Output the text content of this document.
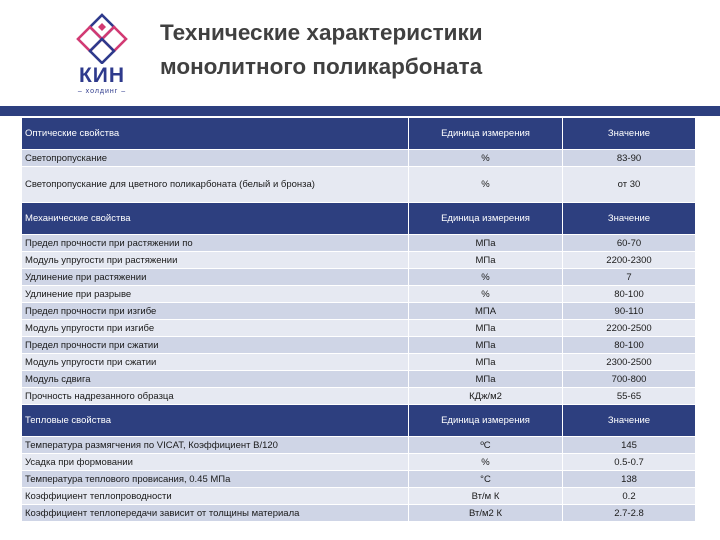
КИН
– холдинг –
Технические характеристики
монолитного поликарбоната
Оптические свойства	Единица измерения	Значение
Светопропускание	%	83-90
Светопропускание для цветного поликарбоната (белый и бронза)	%	от 30
Механические свойства	Единица измерения	Значение
Предел прочности при растяжении по	МПа	60-70
Модуль упругости при растяжении	МПа	2200-2300
Удлинение при растяжении	%	7
Удлинение при разрыве	%	80-100
Предел прочности при изгибе	МПА	90-110
Модуль упругости при изгибе	МПа	2200-2500
Предел прочности при сжатии	МПа	80-100
Модуль упругости при сжатии	МПа	2300-2500
Модуль сдвига	МПа	700-800
Прочность надрезанного образца	КДж/м2	55-65
Тепловые свойства	Единица измерения	Значение
Температура размягчения по VICAT, Коэффициент В/120	ºС	145
Усадка при формовании	%	0.5-0.7
Температура теплового провисания, 0.45 МПа	°С	138
Коэффициент теплопроводности	Вт/м К	0.2
Коэффициент теплопередачи зависит от толщины материала	Вт/м2 К	2.7-2.8
